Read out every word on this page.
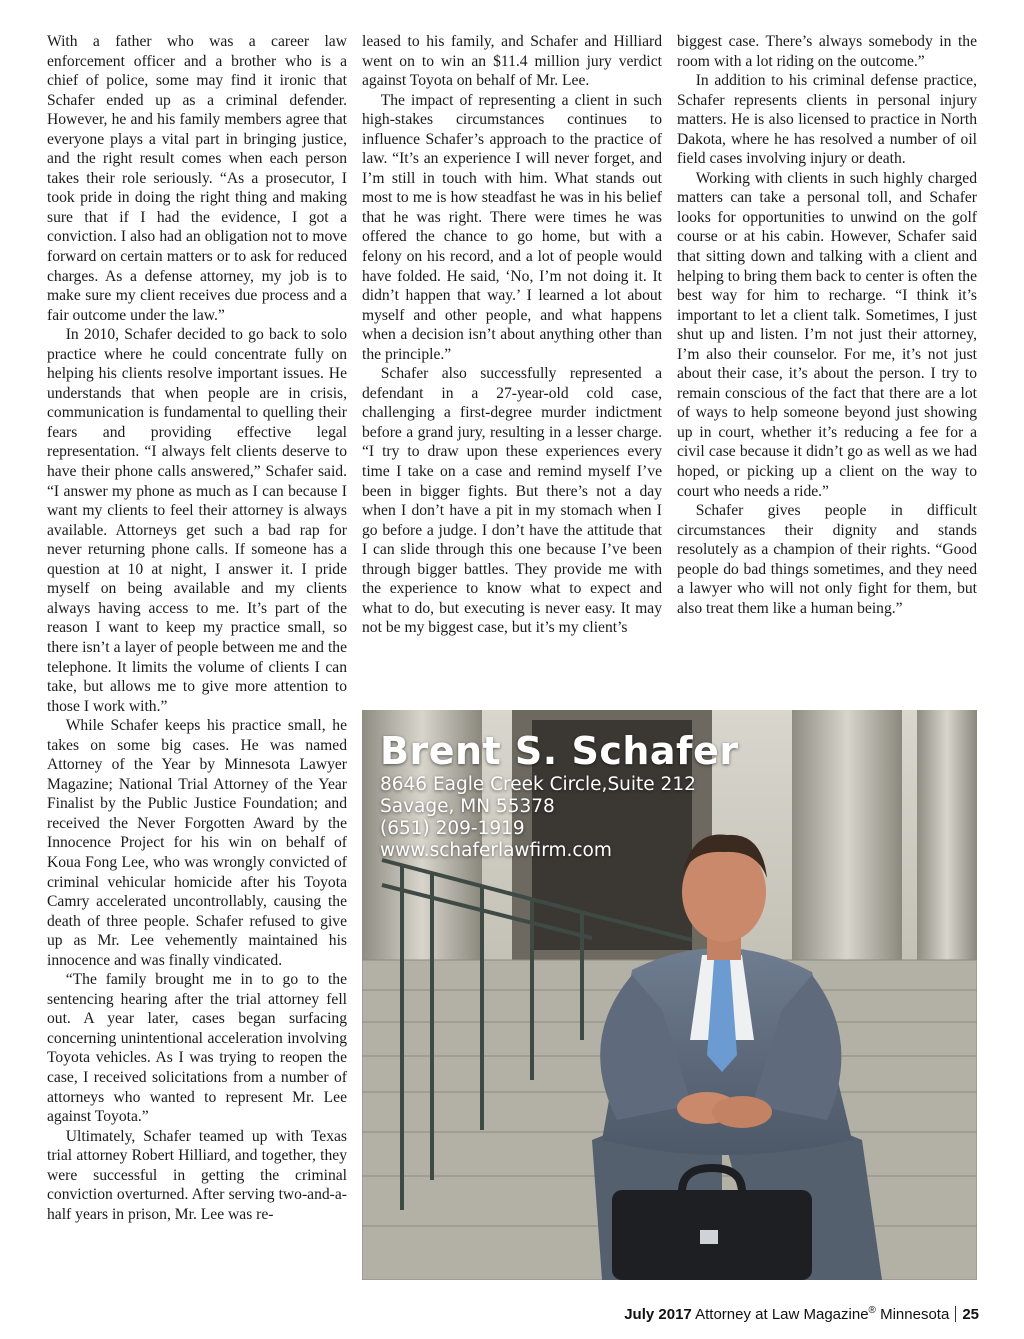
With a father who was a career law enforcement officer and a brother who is a chief of police, some may find it ironic that Schafer ended up as a criminal defender. However, he and his family members agree that everyone plays a vital part in bringing justice, and the right result comes when each person takes their role seriously. “As a prosecutor, I took pride in doing the right thing and making sure that if I had the evidence, I got a conviction. I also had an obligation not to move forward on certain matters or to ask for reduced charges. As a defense attorney, my job is to make sure my client receives due process and a fair outcome under the law.”

In 2010, Schafer decided to go back to solo practice where he could concentrate fully on helping his clients resolve important issues. He understands that when people are in crisis, communication is fundamental to quelling their fears and providing effective legal representation. “I always felt clients deserve to have their phone calls answered,” Schafer said. “I answer my phone as much as I can because I want my clients to feel their attorney is always available. Attorneys get such a bad rap for never returning phone calls. If someone has a question at 10 at night, I answer it. I pride myself on being available and my clients always having access to me. It’s part of the reason I want to keep my practice small, so there isn’t a layer of people between me and the telephone. It limits the volume of clients I can take, but allows me to give more attention to those I work with.”

While Schafer keeps his practice small, he takes on some big cases. He was named Attorney of the Year by Minnesota Lawyer Magazine; National Trial Attorney of the Year Finalist by the Public Justice Foundation; and received the Never Forgotten Award by the Innocence Project for his win on behalf of Koua Fong Lee, who was wrongly convicted of criminal vehicular homicide after his Toyota Camry accelerated uncontrollably, causing the death of three people. Schafer refused to give up as Mr. Lee vehemently maintained his innocence and was finally vindicated.

“The family brought me in to go to the sentencing hearing after the trial attorney fell out. A year later, cases began surfacing concerning unintentional acceleration involving Toyota vehicles. As I was trying to reopen the case, I received solicitations from a number of attorneys who wanted to represent Mr. Lee against Toyota.”

Ultimately, Schafer teamed up with Texas trial attorney Robert Hilliard, and together, they were successful in getting the criminal conviction overturned. After serving two-and-a-half years in prison, Mr. Lee was re-

leased to his family, and Schafer and Hilliard went on to win an $11.4 million jury verdict against Toyota on behalf of Mr. Lee.

The impact of representing a client in such high-stakes circumstances continues to influence Schafer’s approach to the practice of law. “It’s an experience I will never forget, and I’m still in touch with him. What stands out most to me is how steadfast he was in his belief that he was right. There were times he was offered the chance to go home, but with a felony on his record, and a lot of people would have folded. He said, ‘No, I’m not doing it. It didn’t happen that way.’ I learned a lot about myself and other people, and what happens when a decision isn’t about anything other than the principle.”

Schafer also successfully represented a defendant in a 27-year-old cold case, challenging a first-degree murder indictment before a grand jury, resulting in a lesser charge. “I try to draw upon these experiences every time I take on a case and remind myself I’ve been in bigger fights. But there’s not a day when I don’t have a pit in my stomach when I go before a judge. I don’t have the attitude that I can slide through this one because I’ve been through bigger battles. They provide me with the experience to know what to expect and what to do, but executing is never easy. It may not be my biggest case, but it’s my client’s

biggest case. There’s always somebody in the room with a lot riding on the outcome.”

In addition to his criminal defense practice, Schafer represents clients in personal injury matters. He is also licensed to practice in North Dakota, where he has resolved a number of oil field cases involving injury or death.

Working with clients in such highly charged matters can take a personal toll, and Schafer looks for opportunities to unwind on the golf course or at his cabin. However, Schafer said that sitting down and talking with a client and helping to bring them back to center is often the best way for him to recharge. “I think it’s important to let a client talk. Sometimes, I just shut up and listen. I’m not just their attorney, I’m also their counselor. For me, it’s not just about their case, it’s about the person. I try to remain conscious of the fact that there are a lot of ways to help someone beyond just showing up in court, whether it’s reducing a fee for a civil case because it didn’t go as well as we had hoped, or picking up a client on the way to court who needs a ride.”

Schafer gives people in difficult circumstances their dignity and stands resolutely as a champion of their rights. “Good people do bad things sometimes, and they need a lawyer who will not only fight for them, but also treat them like a human being.”

Brent S. Schafer
8646 Eagle Creek Circle,Suite 212
Savage, MN 55378
(651) 209-1919
www.schaferlawfirm.com
July 2017 Attorney at Law Magazine® Minnesota 25
